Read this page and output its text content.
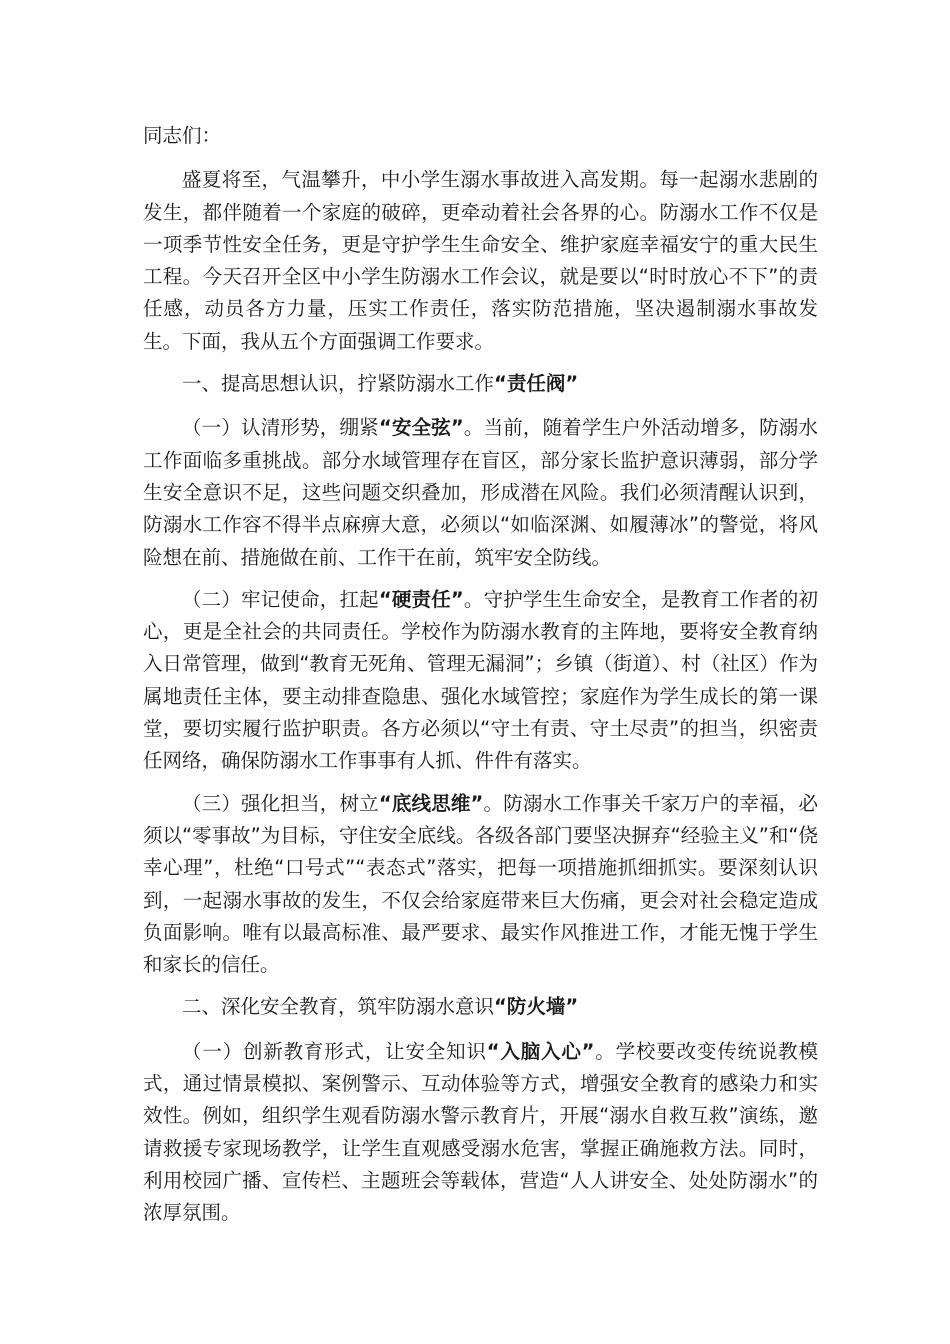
同志们：

盛夏将至，气温攀升，中小学生溺水事故进入高发期。每一起溺水悲剧的发生，都伴随着一个家庭的破碎，更牵动着社会各界的心。防溺水工作不仅是一项季节性安全任务，更是守护学生生命安全、维护家庭幸福安宁的重大民生工程。今天召开全区中小学生防溺水工作会议，就是要以“时时放心不下”的责任感，动员各方力量，压实工作责任，落实防范措施，坚决遏制溺水事故发生。下面，我从五个方面强调工作要求。

一、提高思想认识，拧紧防溺水工作“责任阀”

（一）认清形势，绷紧“安全弦”。当前，随着学生户外活动增多，防溺水工作面临多重挑战。部分水域管理存在盲区，部分家长监护意识薄弱，部分学生安全意识不足，这些问题交织叠加，形成潜在风险。我们必须清醒认识到，防溺水工作容不得半点麻痹大意，必须以“如临深渊、如履薄冰”的警觉，将风险想在前、措施做在前、工作干在前，筑牢安全防线。

（二）牢记使命，扛起“硬责任”。守护学生生命安全，是教育工作者的初心，更是全社会的共同责任。学校作为防溺水教育的主阵地，要将安全教育纳入日常管理，做到“教育无死角、管理无漏洞”；乡镇（街道）、村（社区）作为属地责任主体，要主动排查隐患、强化水域管控；家庭作为学生成长的第一课堂，要切实履行监护职责。各方必须以“守土有责、守土尽责”的担当，织密责任网络，确保防溺水工作事事有人抓、件件有落实。

（三）强化担当，树立“底线思维”。防溺水工作事关千家万户的幸福，必须以“零事故”为目标，守住安全底线。各级各部门要坚决摒弃“经验主义”和“侥幸心理”，杜绝“口号式”“表态式”落实，把每一项措施抓细抓实。要深刻认识到，一起溺水事故的发生，不仅会给家庭带来巨大伤痛，更会对社会稳定造成负面影响。唯有以最高标准、最严要求、最实作风推进工作，才能无愧于学生和家长的信任。

二、深化安全教育，筑牢防溺水意识“防火墙”

（一）创新教育形式，让安全知识“入脑入心”。学校要改变传统说教模式，通过情景模拟、案例警示、互动体验等方式，增强安全教育的感染力和实效性。例如，组织学生观看防溺水警示教育片，开展“溺水自救互救”演练，邀请救援专家现场教学，让学生直观感受溺水危害，掌握正确施救方法。同时，利用校园广播、宣传栏、主题班会等载体，营造“人人讲安全、处处防溺水”的浓厚氛围。
